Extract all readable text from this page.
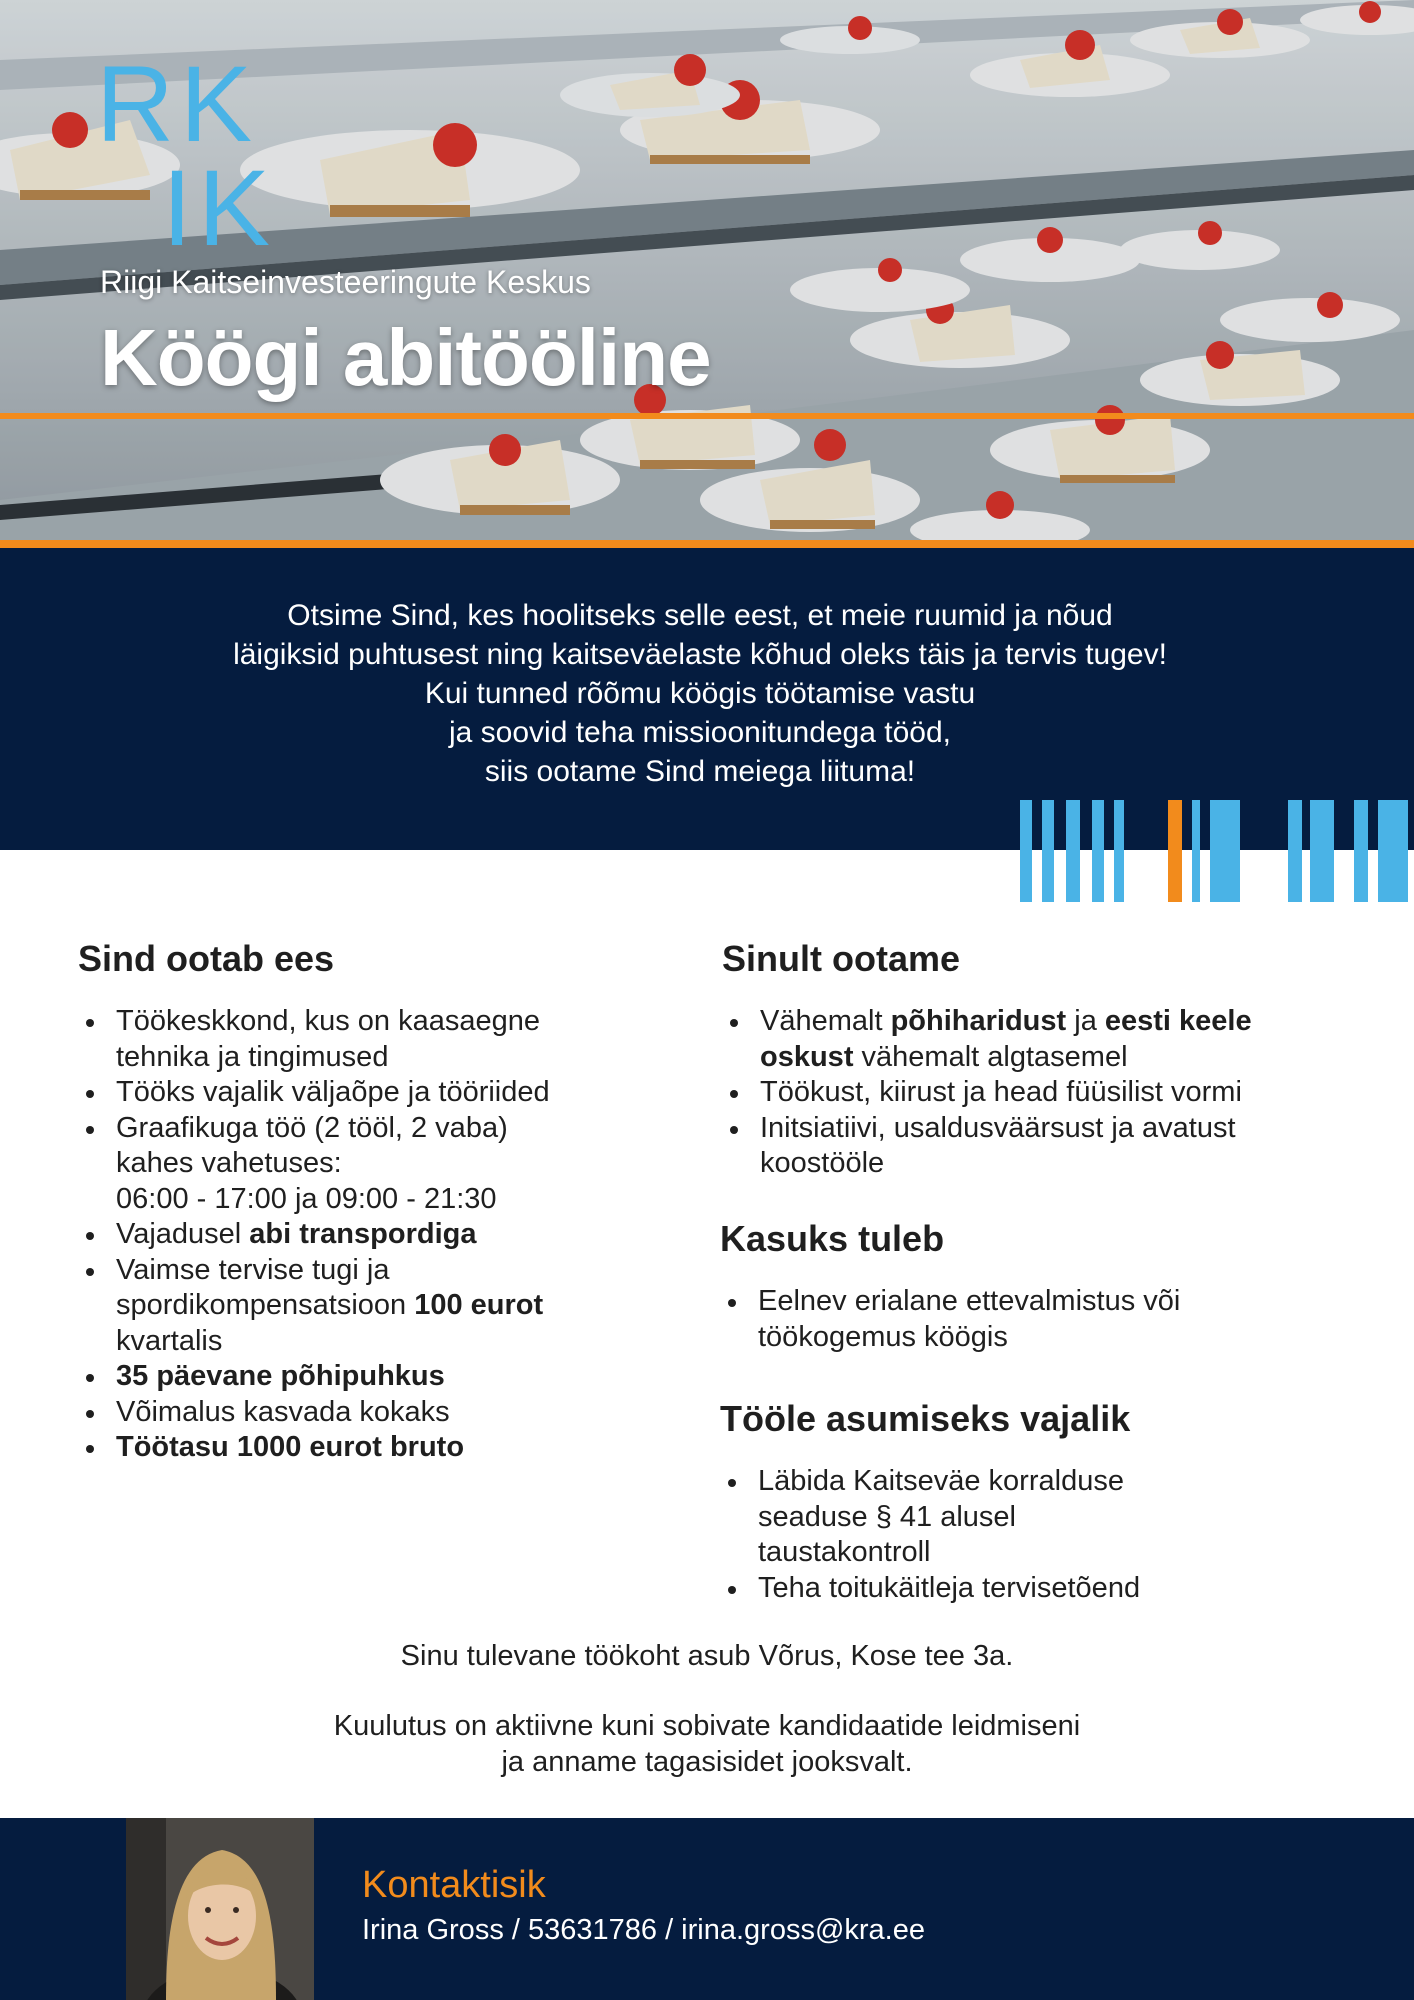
RK
IK
Riigi Kaitseinvesteeringute Keskus
Köögi abitööline
Otsime Sind, kes hoolitseks selle eest, et meie ruumid ja nõud
läigiksid puhtusest ning kaitseväelaste kõhud oleks täis ja tervis tugev!
Kui tunned rõõmu köögis töötamise vastu
ja soovid teha missioonitundega tööd,
siis ootame Sind meiega liituma!
Sind ootab ees
Töökeskkond, kus on kaasaegne
tehnika ja tingimused
Tööks vajalik väljaõpe ja tööriided
Graafikuga töö (2 tööl, 2 vaba)
kahes vahetuses:
06:00 - 17:00 ja 09:00 - 21:30
Vajadusel abi transpordiga
Vaimse tervise tugi ja
spordikompensatsioon 100 eurot
kvartalis
35 päevane põhipuhkus
Võimalus kasvada kokaks
Töötasu 1000 eurot bruto
Sinult ootame
Vähemalt põhiharidust ja eesti keele
oskust vähemalt algtasemel
Töökust, kiirust ja head füüsilist vormi
Initsiatiivi, usaldusväärsust ja avatust
koostööle
Kasuks tuleb
Eelnev erialane ettevalmistus või
töökogemus köögis
Tööle asumiseks vajalik
Läbida Kaitseväe korralduse
seaduse § 41 alusel
taustakontroll
Teha toitukäitleja tervisetõend
Sinu tulevane töökoht asub Võrus, Kose tee 3a.
Kuulutus on aktiivne kuni sobivate kandidaatide leidmiseni
ja anname tagasisidet jooksvalt.
Kontaktisik
Irina Gross / 53631786 / irina.gross@kra.ee
